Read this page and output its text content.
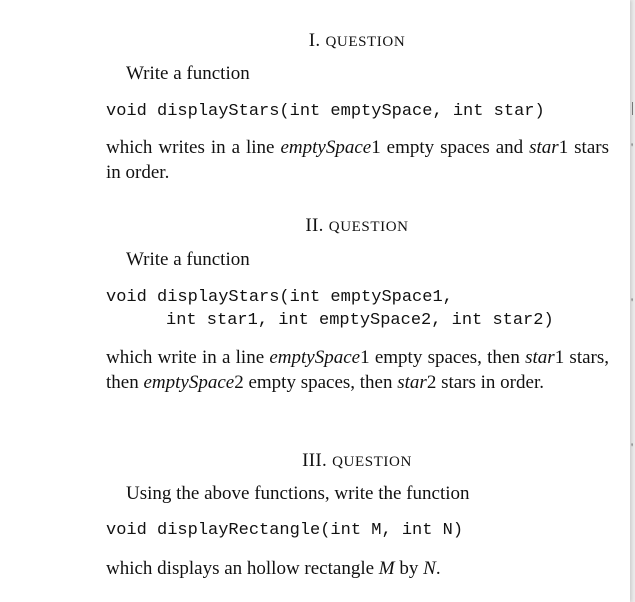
I. QUESTION
Write a function
void displayStars(int emptySpace, int star)
which writes in a line emptySpace1 empty spaces and star1 stars in order.
II. QUESTION
Write a function
void displayStars(int emptySpace1,
int star1, int emptySpace2, int star2)
which write in a line emptySpace1 empty spaces, then star1 stars, then emptySpace2 empty spaces, then star2 stars in order.
III. QUESTION
Using the above functions, write the function
void displayRectangle(int M, int N)
which displays an hollow rectangle M by N.
|
'
'
'
